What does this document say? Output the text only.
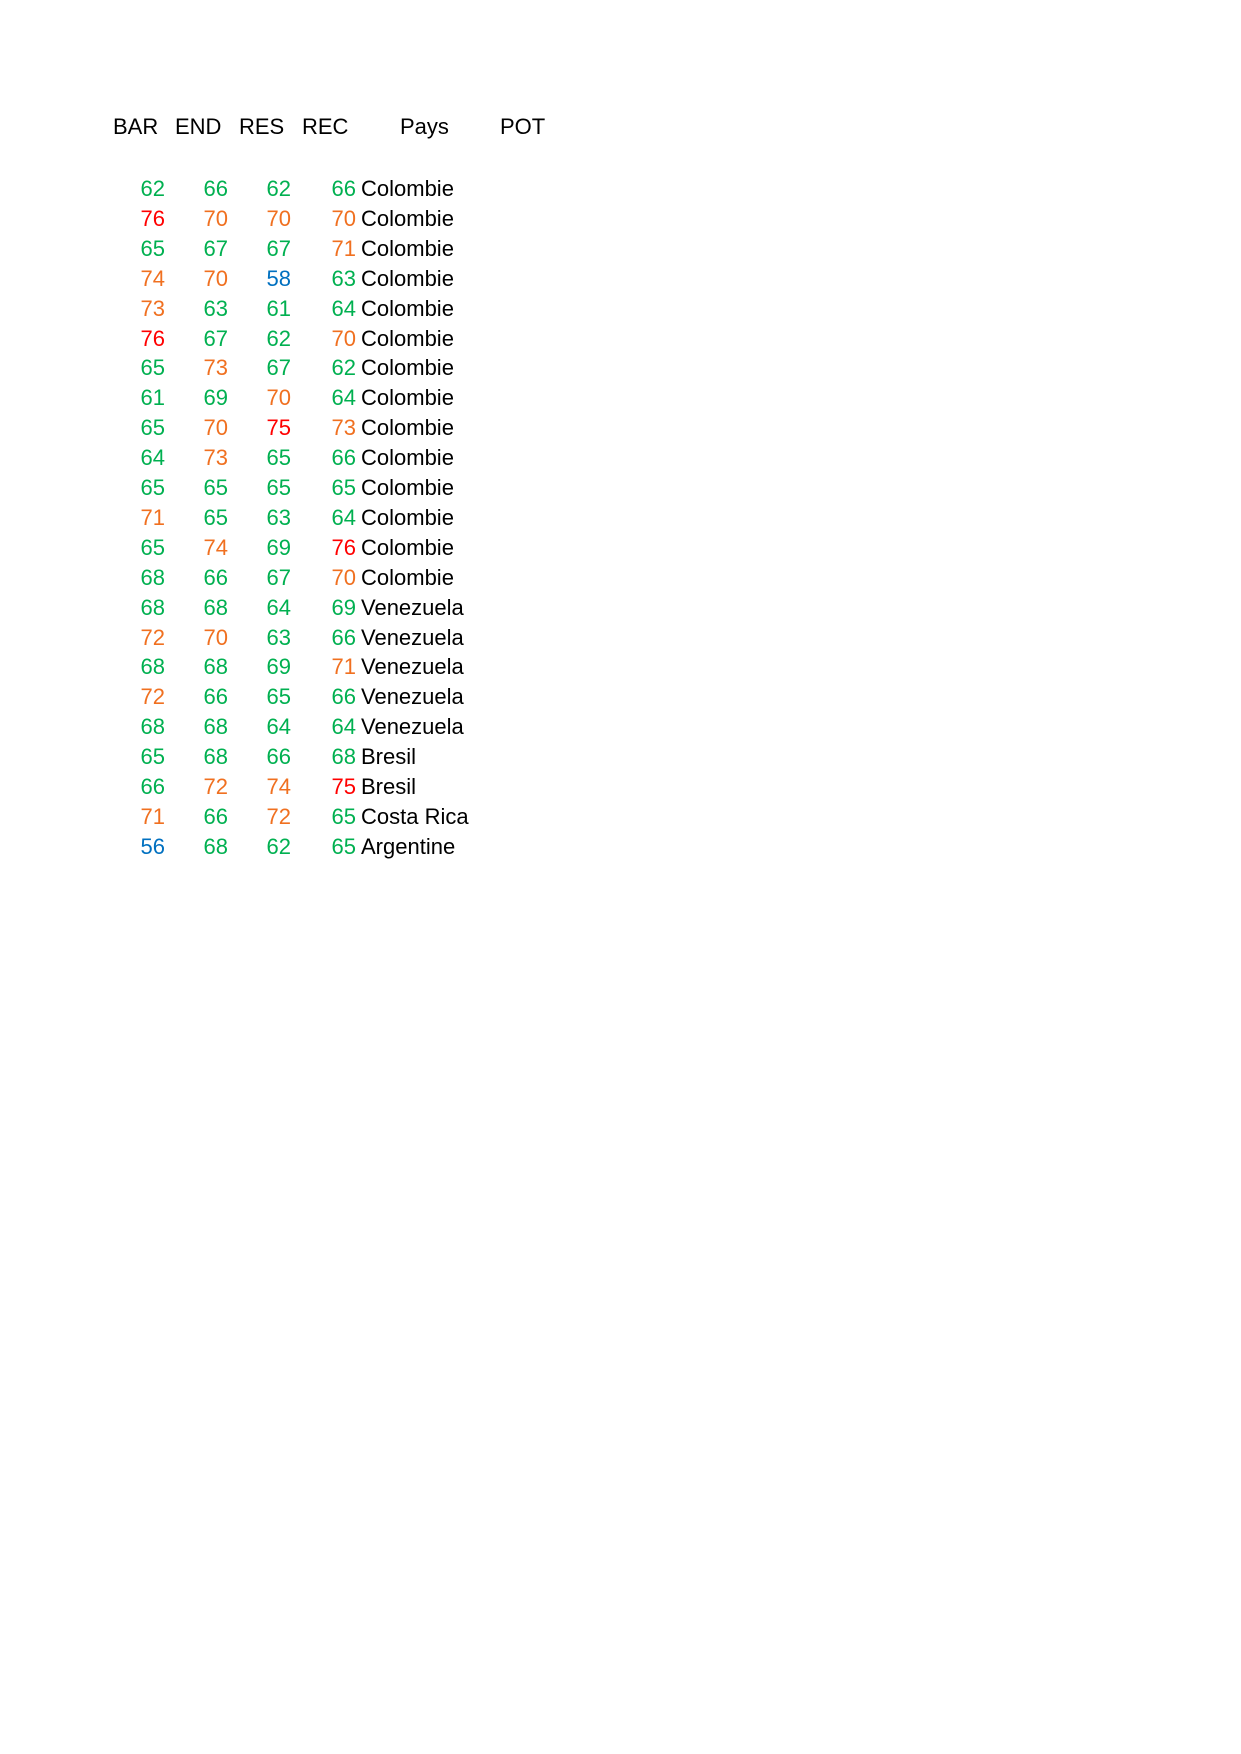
BAR END RES REC Pays POT
62	66	62	66 Colombie
76	70	70	70 Colombie
65	67	67	71 Colombie
74	70	58	63 Colombie
73	63	61	64 Colombie
76	67	62	70 Colombie
65	73	67	62 Colombie
61	69	70	64 Colombie
65	70	75	73 Colombie
64	73	65	66 Colombie
65	65	65	65 Colombie
71	65	63	64 Colombie
65	74	69	76 Colombie
68	66	67	70 Colombie
68	68	64	69 Venezuela
72	70	63	66 Venezuela
68	68	69	71 Venezuela
72	66	65	66 Venezuela
68	68	64	64 Venezuela
65	68	66	68 Bresil
66	72	74	75 Bresil
71	66	72	65 Costa Rica
56	68	62	65 Argentine
